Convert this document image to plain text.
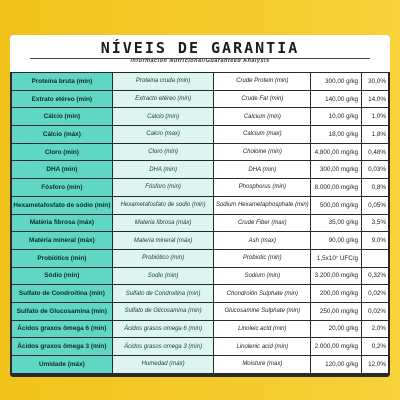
NÍVEIS DE GARANTIA
Informacion Nutricional/Guaranteed Analysis
Proteína bruta (min)	Proteina cruda (min)	Crude Protein (min)	300,00 g/kg	30,0%
Extrato etéreo (min)	Extracto etéreo (min)	Crude Fat (min)	140,00 g/kg	14,0%
Cálcio (min)	Calcio (min)	Calcium (min)	10,00 g/kg	1,0%
Cálcio (máx)	Calcio (max)	Calcium (max)	18,00 g/kg	1,8%
Cloro (min)	Cloro (min)	Choloine (min)	4.800,00 mg/kg	0,48%
DHA (min)	DHA (min)	DHA (min)	300,00 mg/kg	0,03%
Fósforo (min)	Fósforo (min)	Phosphorus (min)	8.000,00 mg/kg	0,8%
Hexametafosfato de sódio (min)	Hexametafosfato de sodio (min)	Sodium Hexametaphosphate (min)	500,00 mg/kg	0,05%
Matéria fibrosa (máx)	Materia fibrosa (máx)	Crude Fiber (max)	35,00 g/kg	3,5%
Matéria mineral (máx)	Materia mineral (máx)	Ash (max)	90,00 g/kg	9,0%
Probiótico (min)	Probiótico (min)	Probiotic (min)	1,5x10⁷ UFC/g
Sódio (min)	Sodio (min)	Sodium (min)	3.200,00 mg/kg	0,32%
Sulfato de Condroitina (min)	Sulfato de Condroitina (min)	Chondroitin Sulphate (min)	200,00 mg/kg	0,02%
Sulfato de Glucosamina (min)	Sulfato de Glicosamina (min)	Glucosamine Sulphate (min)	250,00 mg/kg	0,02%
Ácidos graxos ômega 6 (min)	Ácidos grasos omega 6 (min)	Linoleic acid (min)	20,00 g/kg	2,0%
Ácidos graxos ômega 3 (min)	Ácidos grasos omega 3 (min)	Linolenic acid (min)	2.000,00 mg/kg	0,2%
Umidade (máx)	Humedad (máx)	Moisture (max)	120,00 g/kg	12,0%
